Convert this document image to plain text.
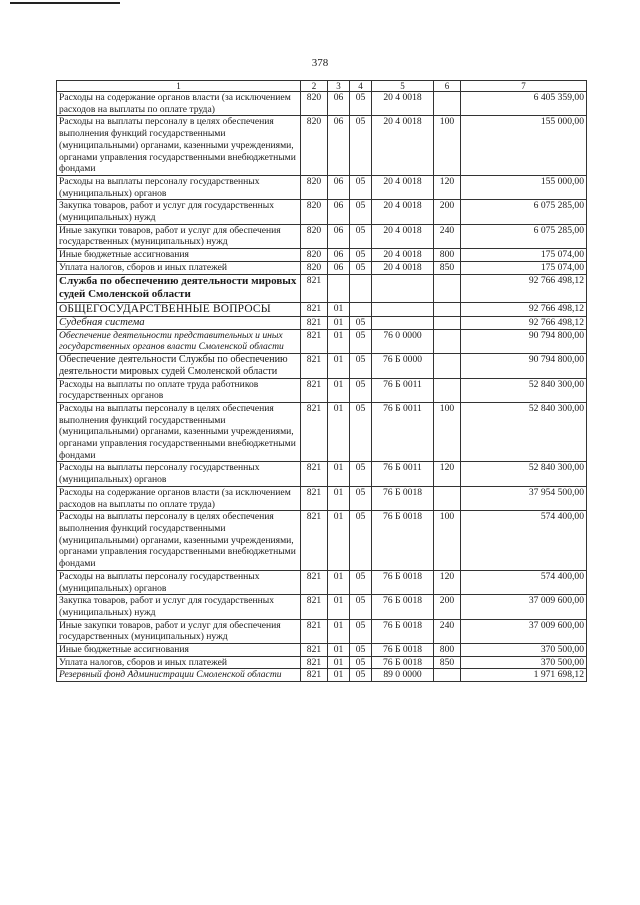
378
1	2	3	4	5	6	7
Расходы на содержание органов власти (за исключением расходов на выплаты по оплате труда)	820	06	05	20 4 0018		6 405 359,00
Расходы на выплаты персоналу в целях обеспечения выполнения функций государственными (муниципальными) органами, казенными учреждениями, органами управления государственными внебюджетными фондами	820	06	05	20 4 0018	100	155 000,00
Расходы на выплаты персоналу государственных (муниципальных) органов	820	06	05	20 4 0018	120	155 000,00
Закупка товаров, работ и услуг для государственных (муниципальных) нужд	820	06	05	20 4 0018	200	6 075 285,00
Иные закупки товаров, работ и услуг для обеспечения государственных (муниципальных) нужд	820	06	05	20 4 0018	240	6 075 285,00
Иные бюджетные ассигнования	820	06	05	20 4 0018	800	175 074,00
Уплата налогов, сборов и иных платежей	820	06	05	20 4 0018	850	175 074,00
Служба по обеспечению деятельности мировых судей Смоленской области	821					92 766 498,12
ОБЩЕГОСУДАРСТВЕННЫЕ ВОПРОСЫ	821	01				92 766 498,12
Судебная система	821	01	05			92 766 498,12
Обеспечение деятельности представительных и иных государственных органов власти Смоленской области	821	01	05	76 0 0000		90 794 800,00
Обеспечение деятельности Службы по обеспечению деятельности мировых судей Смоленской области	821	01	05	76 Б 0000		90 794 800,00
Расходы на выплаты по оплате труда работников государственных органов	821	01	05	76 Б 0011		52 840 300,00
Расходы на выплаты персоналу в целях обеспечения выполнения функций государственными (муниципальными) органами, казенными учреждениями, органами управления государственными внебюджетными фондами	821	01	05	76 Б 0011	100	52 840 300,00
Расходы на выплаты персоналу государственных (муниципальных) органов	821	01	05	76 Б 0011	120	52 840 300,00
Расходы на содержание органов власти (за исключением расходов на выплаты по оплате труда)	821	01	05	76 Б 0018		37 954 500,00
Расходы на выплаты персоналу в целях обеспечения выполнения функций государственными (муниципальными) органами, казенными учреждениями, органами управления государственными внебюджетными фондами	821	01	05	76 Б 0018	100	574 400,00
Расходы на выплаты персоналу государственных (муниципальных) органов	821	01	05	76 Б 0018	120	574 400,00
Закупка товаров, работ и услуг для государственных (муниципальных) нужд	821	01	05	76 Б 0018	200	37 009 600,00
Иные закупки товаров, работ и услуг для обеспечения государственных (муниципальных) нужд	821	01	05	76 Б 0018	240	37 009 600,00
Иные бюджетные ассигнования	821	01	05	76 Б 0018	800	370 500,00
Уплата налогов, сборов и иных платежей	821	01	05	76 Б 0018	850	370 500,00
Резервный фонд Администрации Смоленской области	821	01	05	89 0 0000		1 971 698,12
